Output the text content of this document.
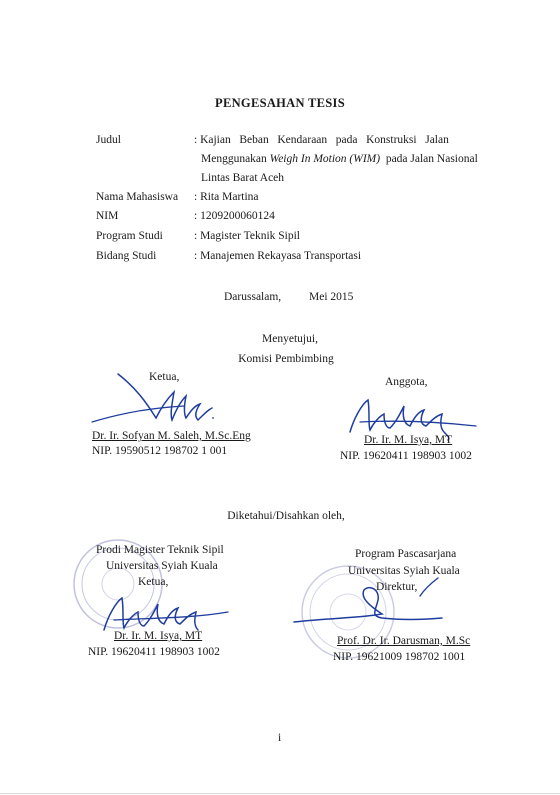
PENGESAHAN TESIS
Judul	: Kajian   Beban   Kendaraan   pada   Konstruksi   Jalan
Menggunakan Weigh In Motion (WIM)  pada Jalan Nasional
Lintas Barat Aceh
Nama Mahasiswa : Rita Martina
NIM	: 1209200060124
Program Studi	: Magister Teknik Sipil
Bidang Studi	: Manajemen Rekayasa Transportasi
Darussalam, Mei 2015
Menyetujui,
Komisi Pembimbing
Ketua,
Dr. Ir. Sofyan M. Saleh, M.Sc.Eng
NIP. 19590512 198702 1 001
Anggota,
Dr. Ir. M. Isya, MT
NIP. 19620411 198903 1002
Diketahui/Disahkan oleh,
Prodi Magister Teknik Sipil
Universitas Syiah Kuala
Ketua,
Dr. Ir. M. Isya, MT
NIP. 19620411 198903 1002
Program Pascasarjana
Universitas Syiah Kuala
Direktur,
Prof. Dr. Ir. Darusman, M.Sc
NIP. 19621009 198702 1001
i
